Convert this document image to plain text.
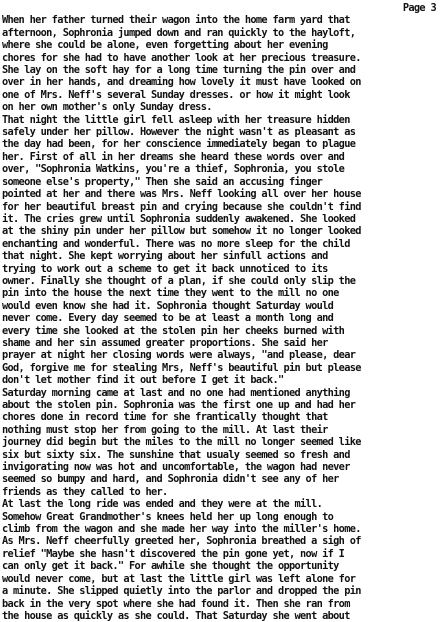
Page 3
When her father turned their wagon into the home farm yard that
afternoon, Sophronia jumped down and ran quickly to the hayloft,
where she could be alone, even forgetting about her evening
chores for she had to have another look at her precious treasure.
She lay on the soft hay for a long time turning the pin over and
over in her hands, and dreaming how lovely it must have looked on
one of Mrs. Neff's several Sunday dresses. or how it might look
on her own mother's only Sunday dress.
That night the little girl fell asleep with her treasure hidden
safely under her pillow. However the night wasn't as pleasant as
the day had been, for her conscience immediately began to plague
her. First of all in her dreams she heard these words over and
over, "Sophronia Watkins, you're a thief, Sophronia, you stole
someone else's property," Then she said an accusing finger
pointed at her and there was Mrs. Neff looking all over her house
for her beautiful breast pin and crying because she couldn't find
it. The cries grew until Sophronia suddenly awakened. She looked
at the shiny pin under her pillow but somehow it no longer looked
enchanting and wonderful. There was no more sleep for the child
that night. She kept worrying about her sinfull actions and
trying to work out a scheme to get it back unnoticed to its
owner. Finally she thought of a plan, if she could only slip the
pin into the house the next time they went to the mill no one
would even know she had it. Sophronia thought Saturday would
never come. Every day seemed to be at least a month long and
every time she looked at the stolen pin her cheeks burned with
shame and her sin assumed greater proportions. She said her
prayer at night her closing words were always, "and please, dear
God, forgive me for stealing Mrs, Neff's beautiful pin but please
don't let mother find it out before I get it back."
Saturday morning came at last and no one had mentioned anything
about the stolen pin. Sophronia was the first one up and had her
chores done in record time for she frantically thought that
nothing must stop her from going to the mill. At last their
journey did begin but the miles to the mill no longer seemed like
six but sixty six. The sunshine that usualy seemed so fresh and
invigorating now was hot and uncomfortable, the wagon had never
seemed so bumpy and hard, and Sophronia didn't see any of her
friends as they called to her.
At last the long ride was ended and they were at the mill.
Somehow Great Grandmother's knees held her up long enough to
climb from the wagon and she made her way into the miller's home.
As Mrs. Neff cheerfully greeted her, Sophronia breathed a sigh of
relief "Maybe she hasn't discovered the pin gone yet, now if I
can only get it back." For awhile she thought the opportunity
would never come, but at last the little girl was left alone for
a minute. She slipped quietly into the parlor and dropped the pin
back in the very spot where she had found it. Then she ran from
the house as quickly as she could. That Saturday she went about
